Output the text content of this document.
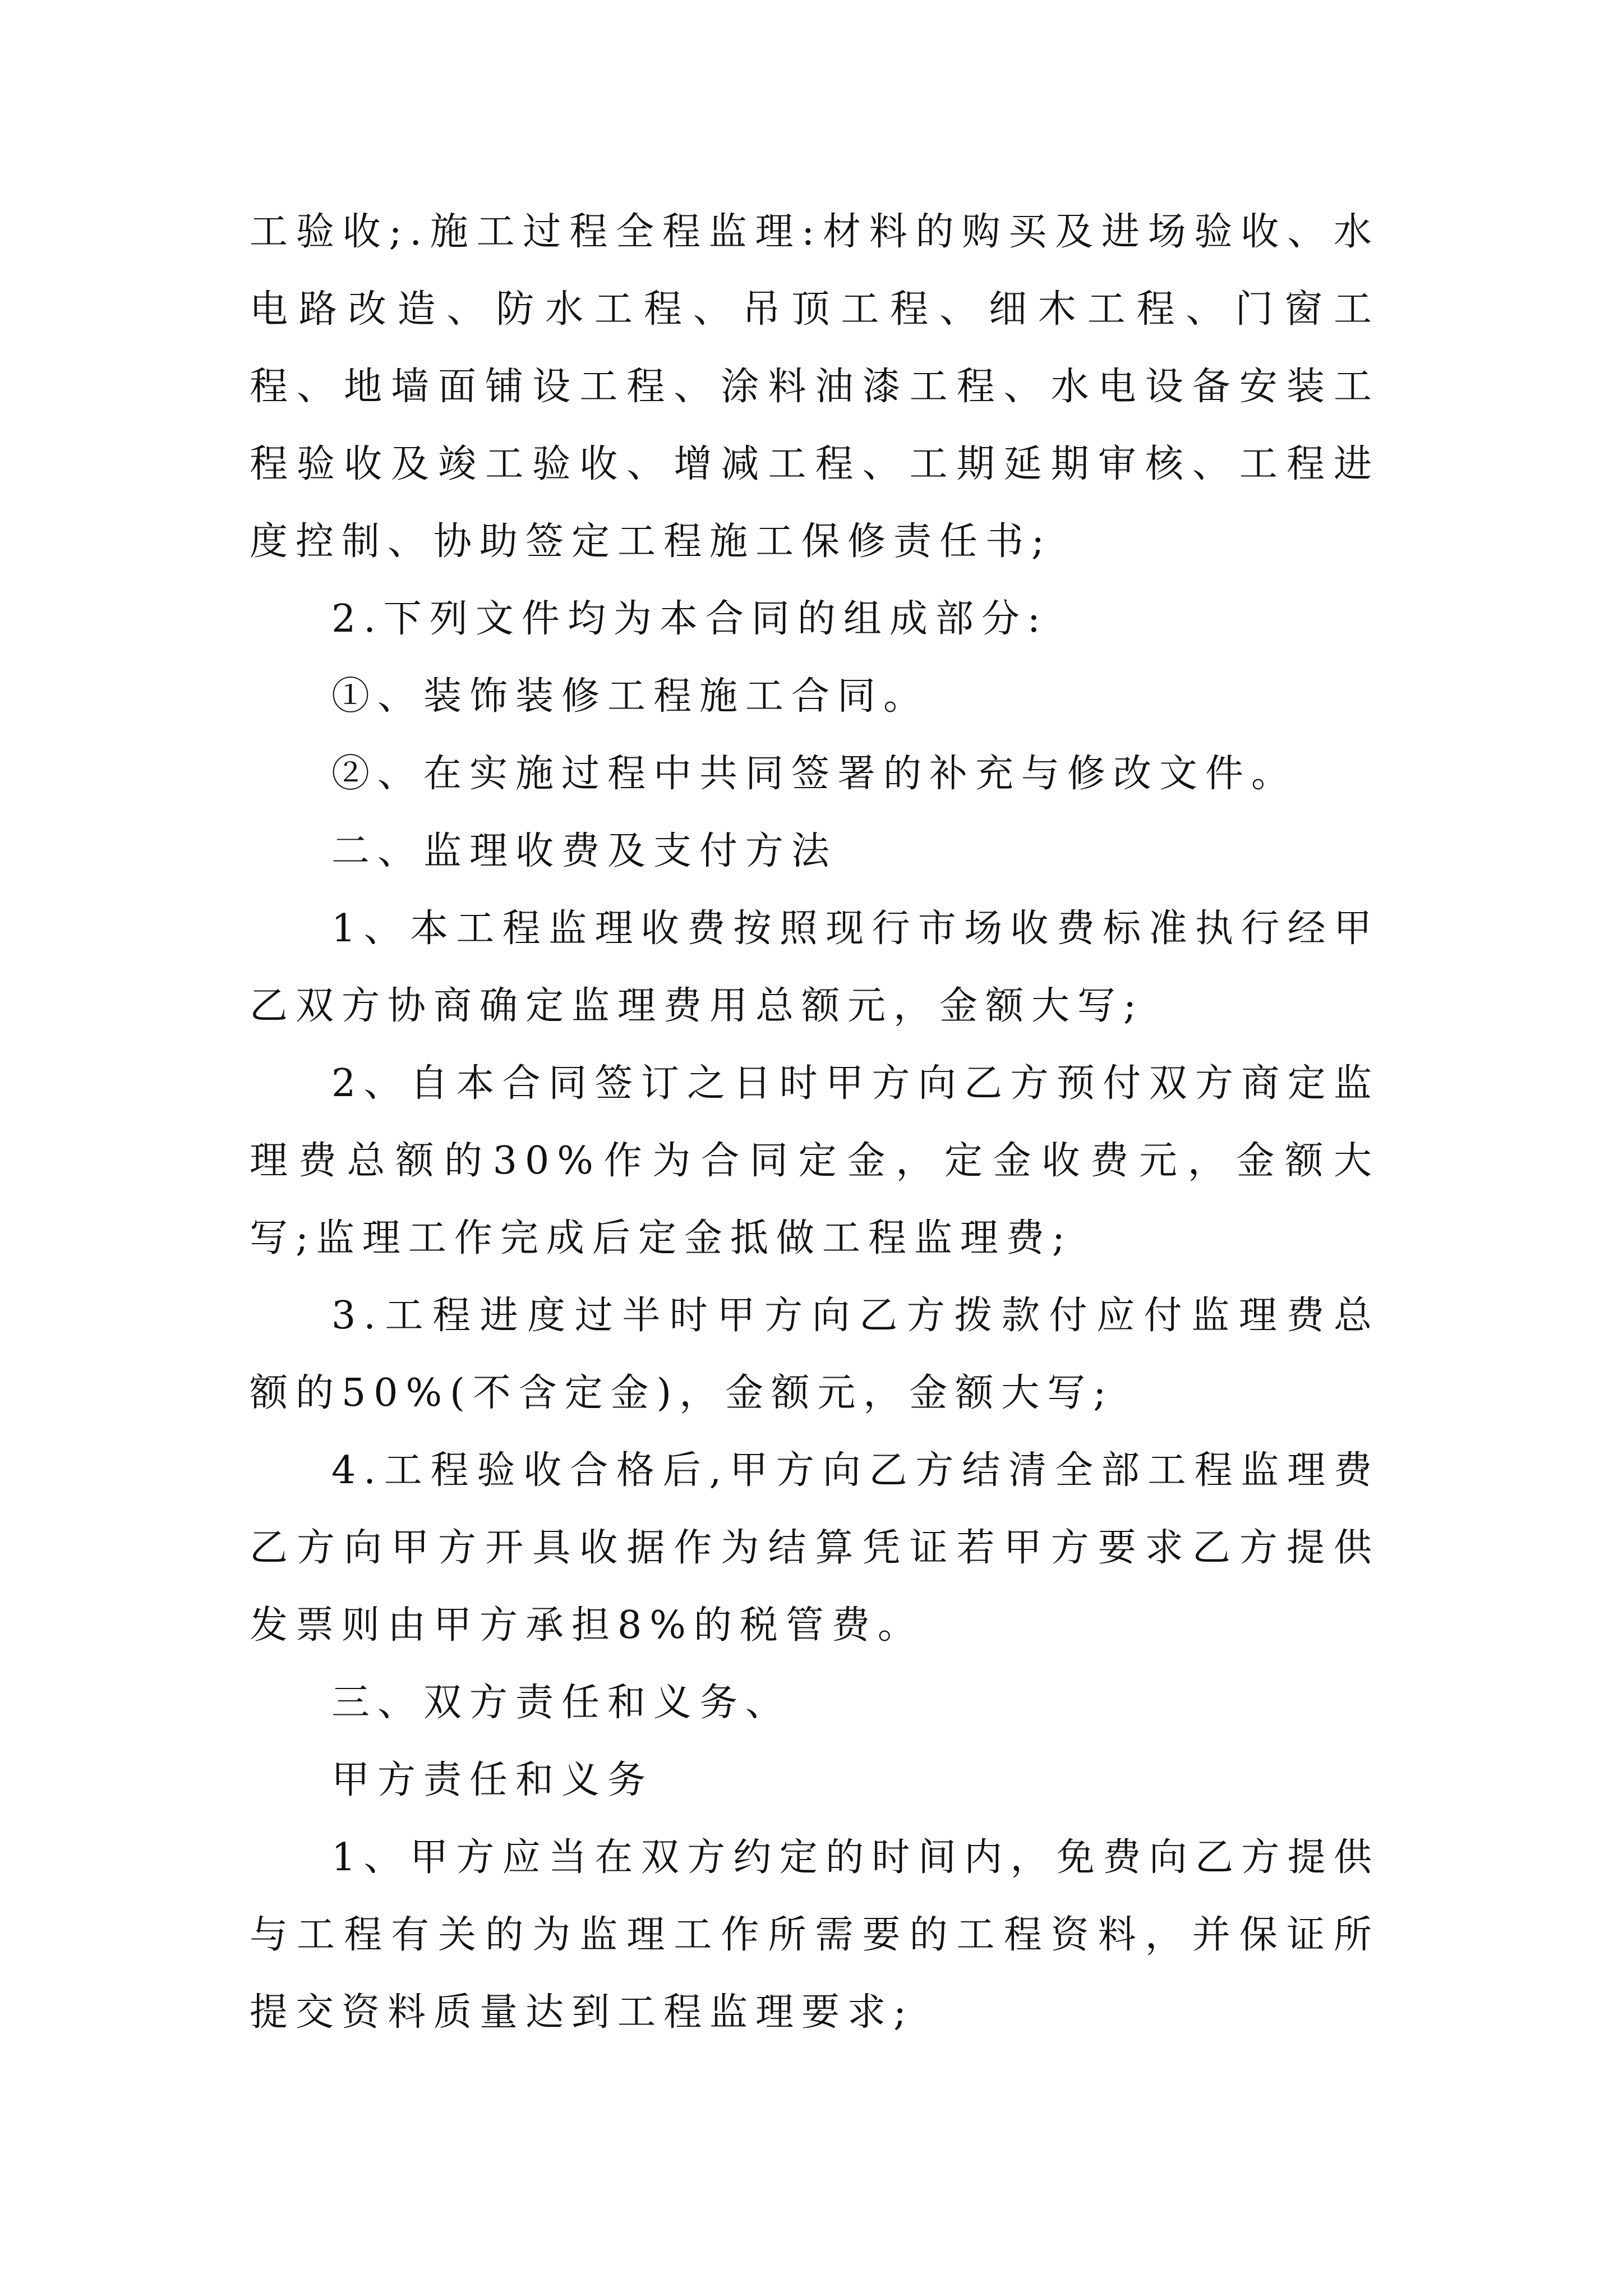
工验收;.施工过程全程监理:材料的购买及进场验收、水电路改造、防水工程、吊顶工程、细木工程、门窗工程、地墙面铺设工程、涂料油漆工程、水电设备安装工程验收及竣工验收、增减工程、工期延期审核、工程进度控制、协助签定工程施工保修责任书;

2.下列文件均为本合同的组成部分:

①、装饰装修工程施工合同。

②、在实施过程中共同签署的补充与修改文件。

二、监理收费及支付方法

1、本工程监理收费按照现行市场收费标准执行经甲乙双方协商确定监理费用总额元，金额大写;

2、自本合同签订之日时甲方向乙方预付双方商定监理费总额的30%作为合同定金，定金收费元，金额大写;监理工作完成后定金抵做工程监理费;

3.工程进度过半时甲方向乙方拨款付应付监理费总额的50%(不含定金)，金额元，金额大写;

4.工程验收合格后,甲方向乙方结清全部工程监理费乙方向甲方开具收据作为结算凭证若甲方要求乙方提供发票则由甲方承担8%的税管费。

三、双方责任和义务、

甲方责任和义务

1、甲方应当在双方约定的时间内，免费向乙方提供与工程有关的为监理工作所需要的工程资料，并保证所提交资料质量达到工程监理要求;
